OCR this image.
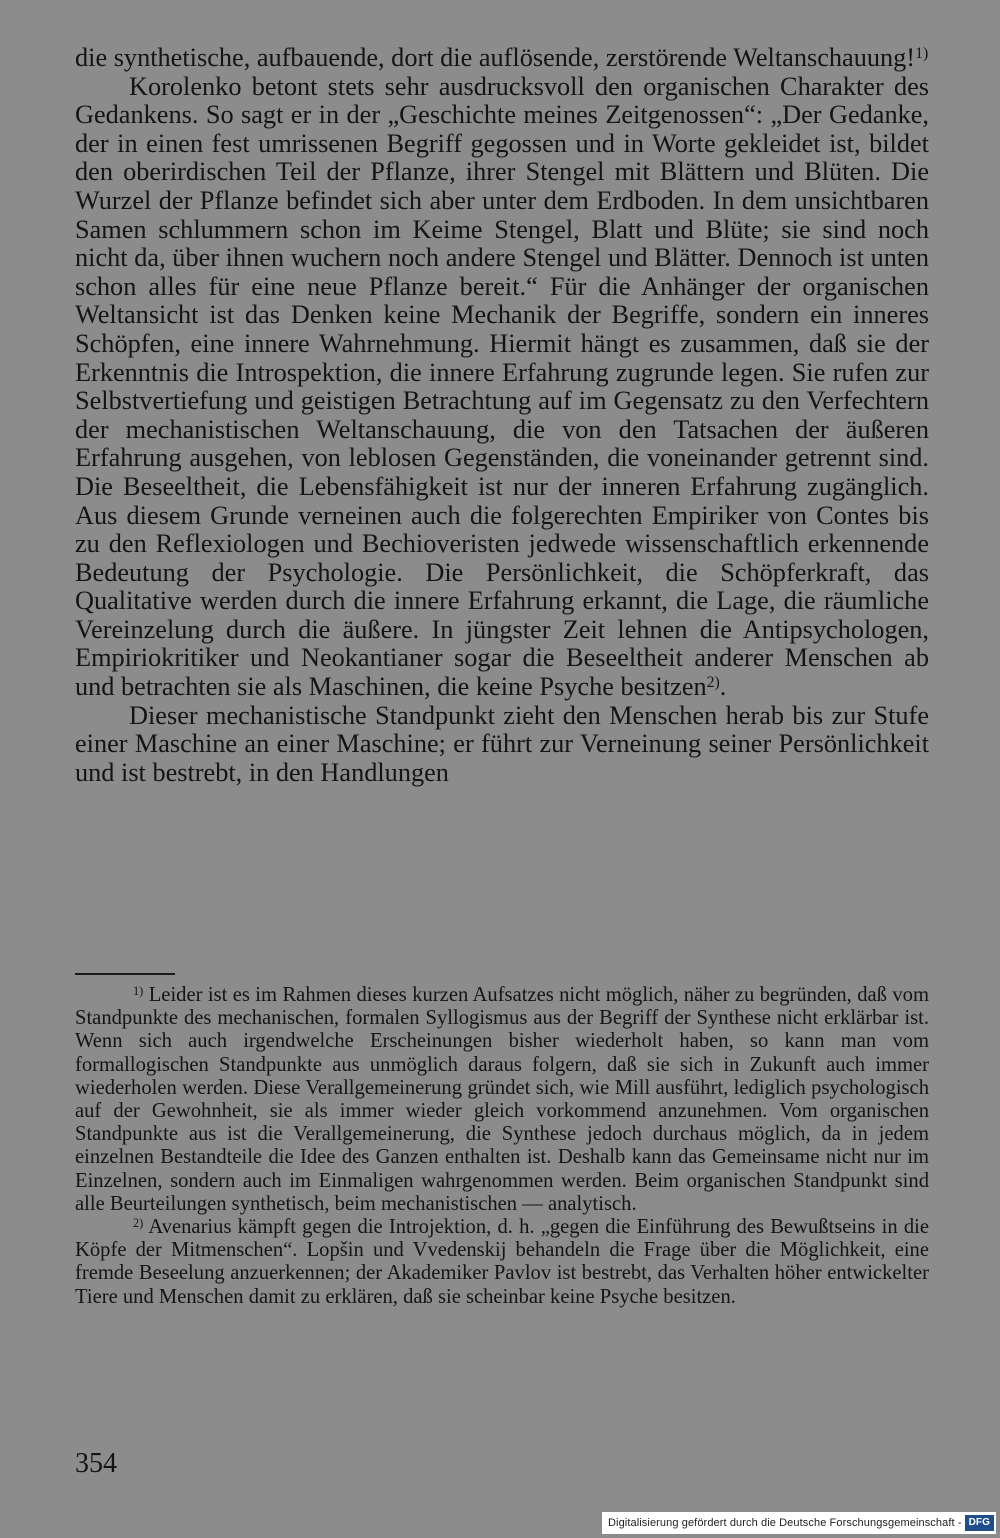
die synthetische, aufbauende, dort die auflösende, zerstörende Weltanschauung!$^{1)}$

Korolenko betont stets sehr ausdrucksvoll den organischen Charakter des Gedankens. So sagt er in der „Geschichte meines Zeitgenossen“: „Der Gedanke, der in einen fest umrissenen Begriff gegossen und in Worte gekleidet ist, bildet den oberirdischen Teil der Pflanze, ihrer Stengel mit Blättern und Blüten. Die Wurzel der Pflanze befindet sich aber unter dem Erdboden. In dem unsichtbaren Samen schlummern schon im Keime Stengel, Blatt und Blüte; sie sind noch nicht da, über ihnen wuchern noch andere Stengel und Blätter. Dennoch ist unten schon alles für eine neue Pflanze bereit.“ Für die Anhänger der organischen Weltansicht ist das Denken keine Mechanik der Begriffe, sondern ein inneres Schöpfen, eine innere Wahrnehmung. Hiermit hängt es zusammen, daß sie der Erkenntnis die Introspektion, die innere Erfahrung zugrunde legen. Sie rufen zur Selbstvertiefung und geistigen Betrachtung auf im Gegensatz zu den Verfechtern der mechanistischen Weltanschauung, die von den Tatsachen der äußeren Erfahrung ausgehen, von leblosen Gegenständen, die voneinander getrennt sind. Die Beseeltheit, die Lebensfähigkeit ist nur der inneren Erfahrung zugänglich. Aus diesem Grunde verneinen auch die folgerechten Empiriker von Contes bis zu den Reflexiologen und Bechioveristen jedwede wissenschaftlich erkennende Bedeutung der Psychologie. Die Persönlichkeit, die Schöpferkraft, das Qualitative werden durch die innere Erfahrung erkannt, die Lage, die räumliche Vereinzelung durch die äußere. In jüngster Zeit lehnen die Antipsychologen, Empiriokritiker und Neokantianer sogar die Beseeltheit anderer Menschen ab und betrachten sie als Maschinen, die keine Psyche besitzen$^{2)}$.

Dieser mechanistische Standpunkt zieht den Menschen herab bis zur Stufe einer Maschine an einer Maschine; er führt zur Verneinung seiner Persönlichkeit und ist bestrebt, in den Handlungen

$^{1)}$ Leider ist es im Rahmen dieses kurzen Aufsatzes nicht möglich, näher zu begründen, daß vom Standpunkte des mechanischen, formalen Syllogismus aus der Begriff der Synthese nicht erklärbar ist. Wenn sich auch irgendwelche Erscheinungen bisher wiederholt haben, so kann man vom formallogischen Standpunkte aus unmöglich daraus folgern, daß sie sich in Zukunft auch immer wiederholen werden. Diese Verallgemeinerung gründet sich, wie Mill ausführt, lediglich psychologisch auf der Gewohnheit, sie als immer wieder gleich vorkommend anzunehmen. Vom organischen Standpunkte aus ist die Verallgemeinerung, die Synthese jedoch durchaus möglich, da in jedem einzelnen Bestandteile die Idee des Ganzen enthalten ist. Deshalb kann das Gemeinsame nicht nur im Einzelnen, sondern auch im Einmaligen wahrgenommen werden. Beim organischen Standpunkt sind alle Beurteilungen synthetisch, beim mechanistischen — analytisch.

$^{2)}$ Avenarius kämpft gegen die Introjektion, d. h. „gegen die Einführung des Bewußtseins in die Köpfe der Mitmenschen“. Lopšin und Vvedenskij behandeln die Frage über die Möglichkeit, eine fremde Beseelung anzuerkennen; der Akademiker Pavlov ist bestrebt, das Verhalten höher entwickelter Tiere und Menschen damit zu erklären, daß sie scheinbar keine Psyche besitzen.

354
Digitalisierung gefördert durch die Deutsche Forschungsgemeinschaft - DFG
